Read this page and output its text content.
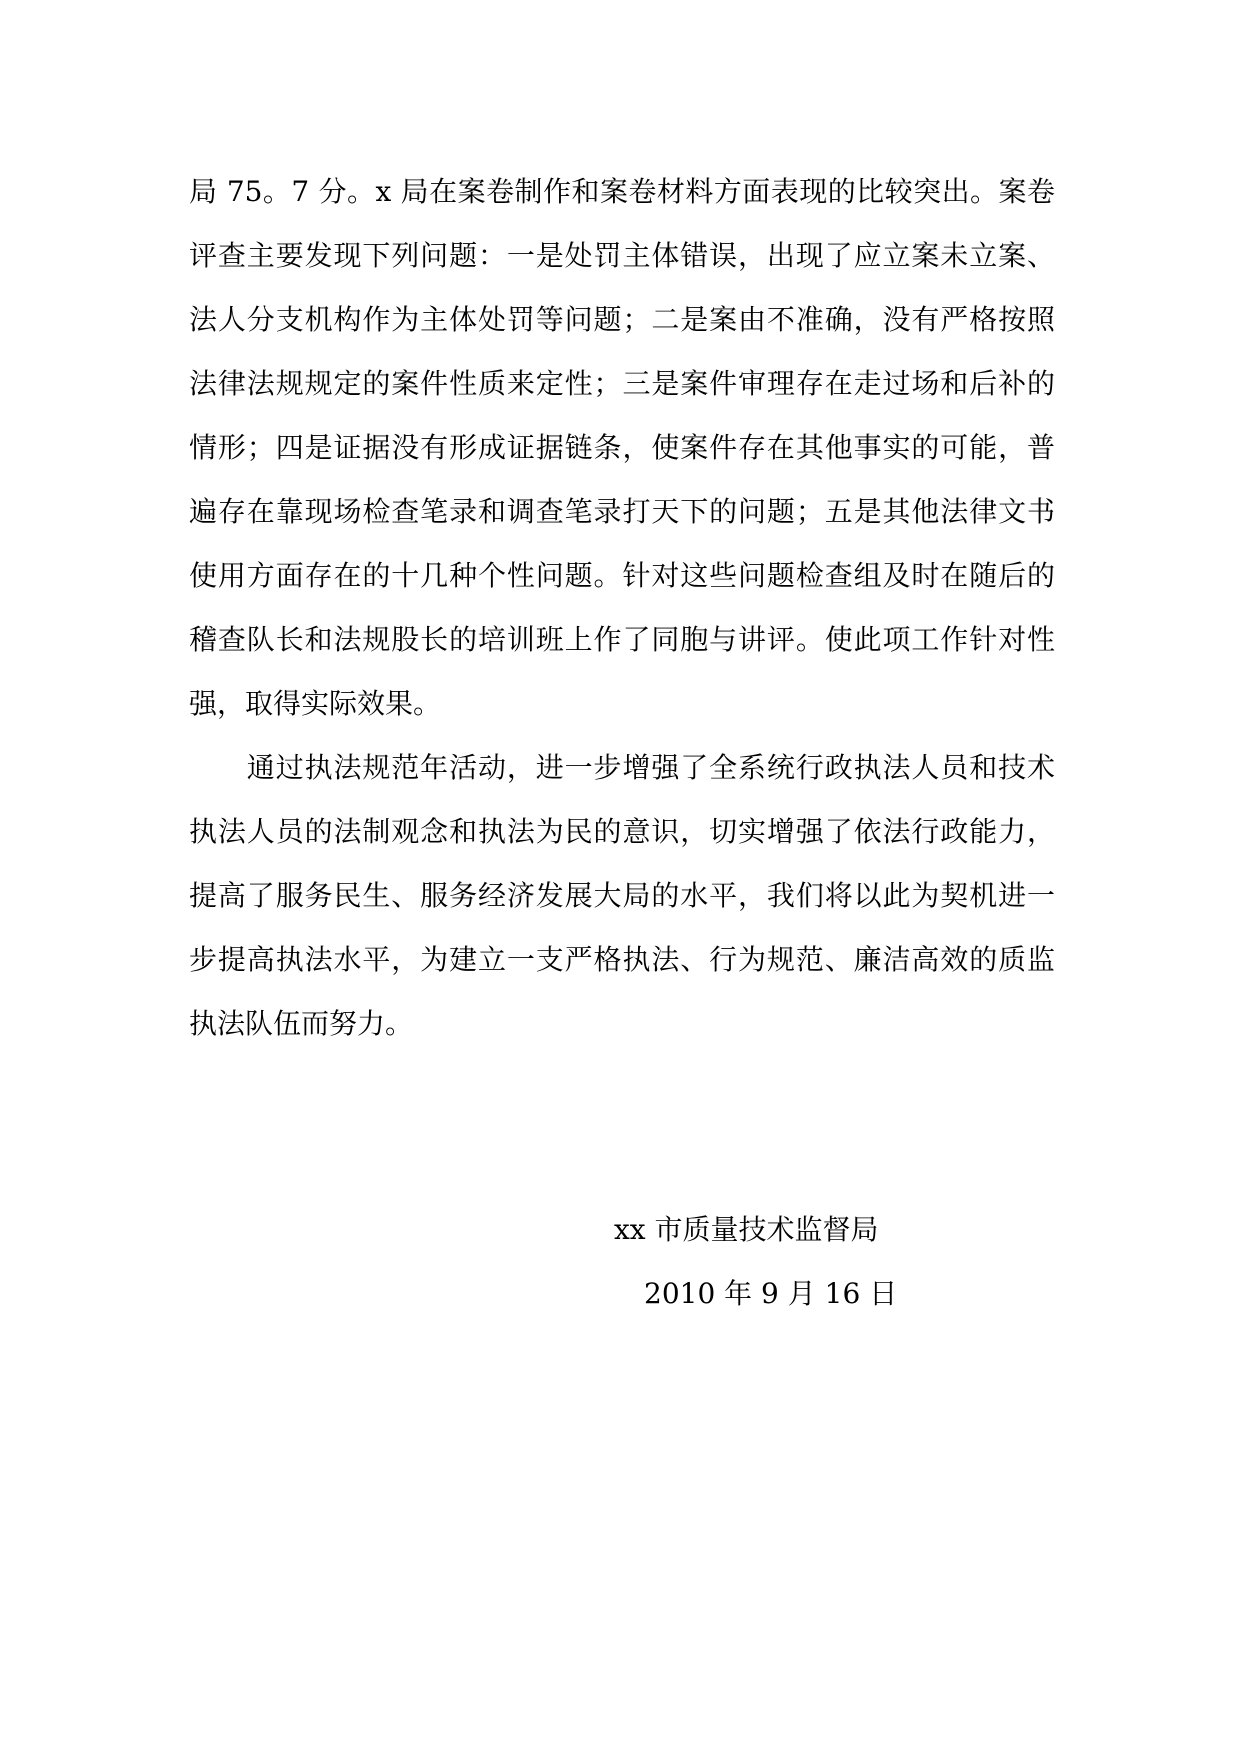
局 75。7 分。x 局在案卷制作和案卷材料方面表现的比较突出。案卷
评查主要发现下列问题：一是处罚主体错误，出现了应立案未立案、
法人分支机构作为主体处罚等问题；二是案由不准确，没有严格按照
法律法规规定的案件性质来定性；三是案件审理存在走过场和后补的
情形；四是证据没有形成证据链条，使案件存在其他事实的可能，普
遍存在靠现场检查笔录和调查笔录打天下的问题；五是其他法律文书
使用方面存在的十几种个性问题。针对这些问题检查组及时在随后的
稽查队长和法规股长的培训班上作了同胞与讲评。使此项工作针对性
强，取得实际效果。
　　通过执法规范年活动，进一步增强了全系统行政执法人员和技术
执法人员的法制观念和执法为民的意识，切实增强了依法行政能力，
提高了服务民生、服务经济发展大局的水平，我们将以此为契机进一
步提高执法水平，为建立一支严格执法、行为规范、廉洁高效的质监
执法队伍而努力。
xx 市质量技术监督局
2010 年 9 月 16 日
